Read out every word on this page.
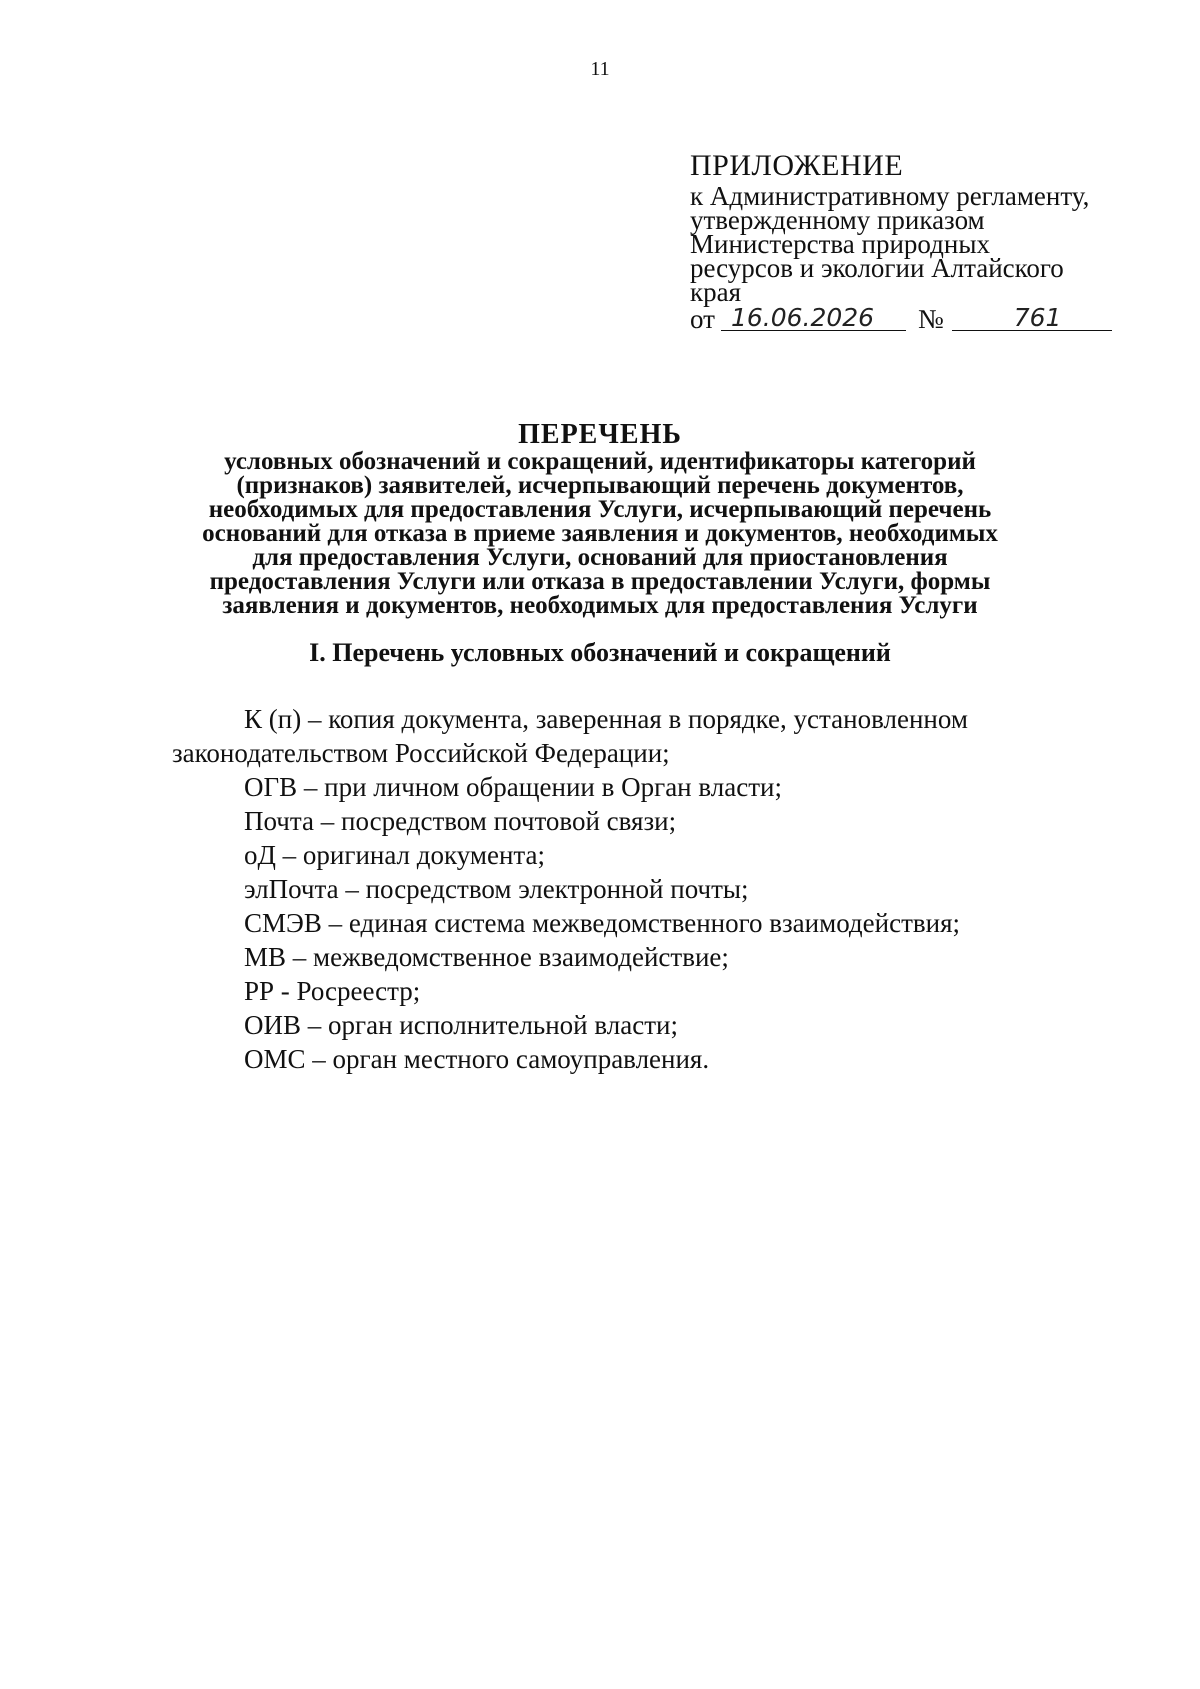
11
ПРИЛОЖЕНИЕ
к Административному регламенту,
утвержденному приказом
Министерства природных
ресурсов и экологии Алтайского
края
от 16.06.2026	№	761
ПЕРЕЧЕНЬ
условных обозначений и сокращений, идентификаторы категорий
(признаков) заявителей, исчерпывающий перечень документов,
необходимых для предоставления Услуги, исчерпывающий перечень
оснований для отказа в приеме заявления и документов, необходимых
для предоставления Услуги, оснований для приостановления
предоставления Услуги или отказа в предоставлении Услуги, формы
заявления и документов, необходимых для предоставления Услуги
I. Перечень условных обозначений и сокращений
К (п) – копия документа, заверенная в порядке, установленном законодательством Российской Федерации;
ОГВ – при личном обращении в Орган власти;
Почта – посредством почтовой связи;
оД – оригинал документа;
элПочта – посредством электронной почты;
СМЭВ – единая система межведомственного взаимодействия;
МВ – межведомственное взаимодействие;
РР - Росреестр;
ОИВ – орган исполнительной власти;
ОМС – орган местного самоуправления.
